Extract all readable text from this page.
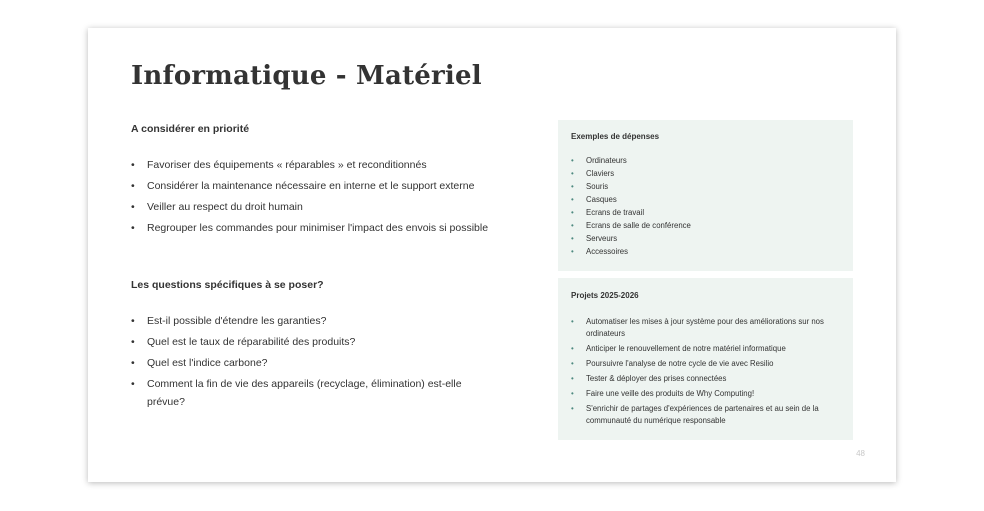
Informatique - Matériel

A considérer en priorité

• Favoriser des équipements « réparables » et reconditionnés
• Considérer la maintenance nécessaire en interne et le support externe
• Veiller au respect du droit humain
• Regrouper les commandes pour minimiser l'impact des envois si possible

Les questions spécifiques à se poser?

• Est-il possible d'étendre les garanties?
• Quel est le taux de réparabilité des produits?
• Quel est l'indice carbone?
• Comment la fin de vie des appareils (recyclage, élimination) est-elle prévue?

Exemples de dépenses

• Ordinateurs
• Claviers
• Souris
• Casques
• Ecrans de travail
• Ecrans de salle de conférence
• Serveurs
• Accessoires

Projets 2025-2026

• Automatiser les mises à jour système pour des améliorations sur nos ordinateurs
• Anticiper le renouvellement de notre matériel informatique
• Poursuivre l'analyse de notre cycle de vie avec Resilio
• Tester & déployer des prises connectées
• Faire une veille des produits de Why Computing!
• S'enrichir de partages d'expériences de partenaires et au sein de la communauté du numérique responsable
48
